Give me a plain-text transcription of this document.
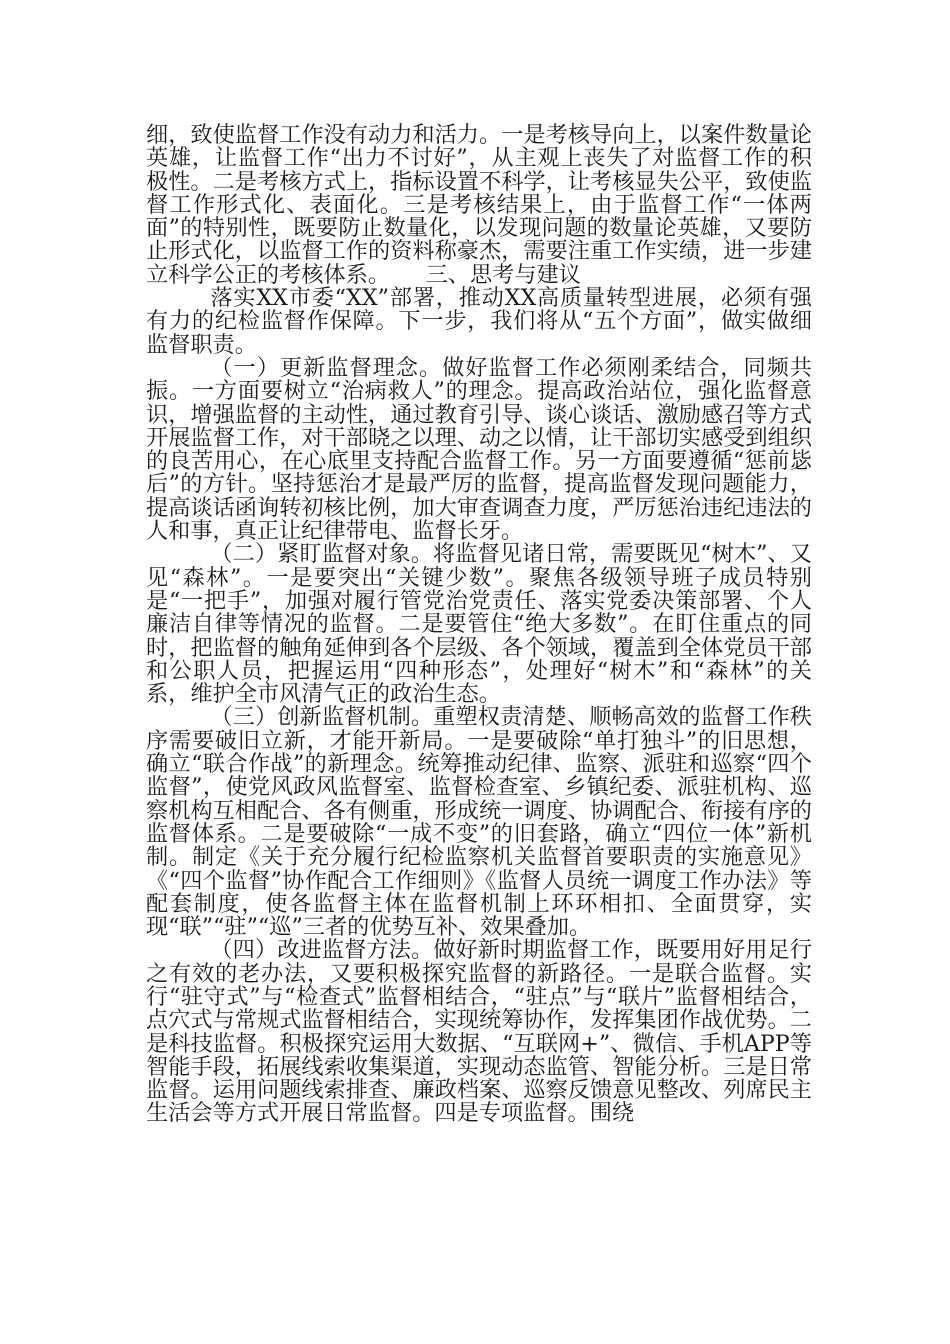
细，致使监督工作没有动力和活力。一是考核导向上，以案件数量论英雄，让监督工作“出力不讨好”，从主观上丧失了对监督工作的积极性。二是考核方式上，指标设置不科学，让考核显失公平，致使监督工作形式化、表面化。三是考核结果上，由于监督工作“一体两面”的特别性，既要防止数量化，以发现问题的数量论英雄，又要防止形式化，以监督工作的资料称豪杰，需要注重工作实绩，进一步建立科学公正的考核体系。 三、思考与建议

落实XX市委“XX”部署，推动XX高质量转型进展，必须有强有力的纪检监督作保障。下一步，我们将从“五个方面”，做实做细监督职责。

（一）更新监督理念。做好监督工作必须刚柔结合，同频共振。一方面要树立“治病救人”的理念。提高政治站位，强化监督意识，增强监督的主动性，通过教育引导、谈心谈话、激励感召等方式开展监督工作，对干部晓之以理、动之以情，让干部切实感受到组织的良苦用心，在心底里支持配合监督工作。另一方面要遵循“惩前毖后”的方针。坚持惩治才是最严厉的监督，提高监督发现问题能力，提高谈话函询转初核比例，加大审查调查力度，严厉惩治违纪违法的人和事，真正让纪律带电、监督长牙。

（二）紧盯监督对象。将监督见诸日常，需要既见“树木”、又见“森林”。一是要突出“关键少数”。聚焦各级领导班子成员特别是“一把手”，加强对履行管党治党责任、落实党委决策部署、个人廉洁自律等情况的监督。二是要管住“绝大多数”。在盯住重点的同时，把监督的触角延伸到各个层级、各个领域，覆盖到全体党员干部和公职人员，把握运用“四种形态”，处理好“树木”和“森林”的关系，维护全市风清气正的政治生态。

（三）创新监督机制。重塑权责清楚、顺畅高效的监督工作秩序需要破旧立新，才能开新局。一是要破除“单打独斗”的旧思想，确立“联合作战”的新理念。统筹推动纪律、监察、派驻和巡察“四个监督”，使党风政风监督室、监督检查室、乡镇纪委、派驻机构、巡察机构互相配合、各有侧重，形成统一调度、协调配合、衔接有序的监督体系。二是要破除“一成不变”的旧套路，确立“四位一体”新机制。制定《关于充分履行纪检监察机关监督首要职责的实施意见》《“四个监督”协作配合工作细则》《监督人员统一调度工作办法》等配套制度，使各监督主体在监督机制上环环相扣、全面贯穿，实现“联”“驻”“巡”三者的优势互补、效果叠加。

（四）改进监督方法。做好新时期监督工作，既要用好用足行之有效的老办法，又要积极探究监督的新路径。一是联合监督。实行“驻守式”与“检查式”监督相结合，“驻点”与“联片”监督相结合，点穴式与常规式监督相结合，实现统筹协作，发挥集团作战优势。二是科技监督。积极探究运用大数据、“互联网+”、微信、手机APP等智能手段，拓展线索收集渠道，实现动态监管、智能分析。三是日常监督。运用问题线索排查、廉政档案、巡察反馈意见整改、列席民主生活会等方式开展日常监督。四是专项监督。围绕
